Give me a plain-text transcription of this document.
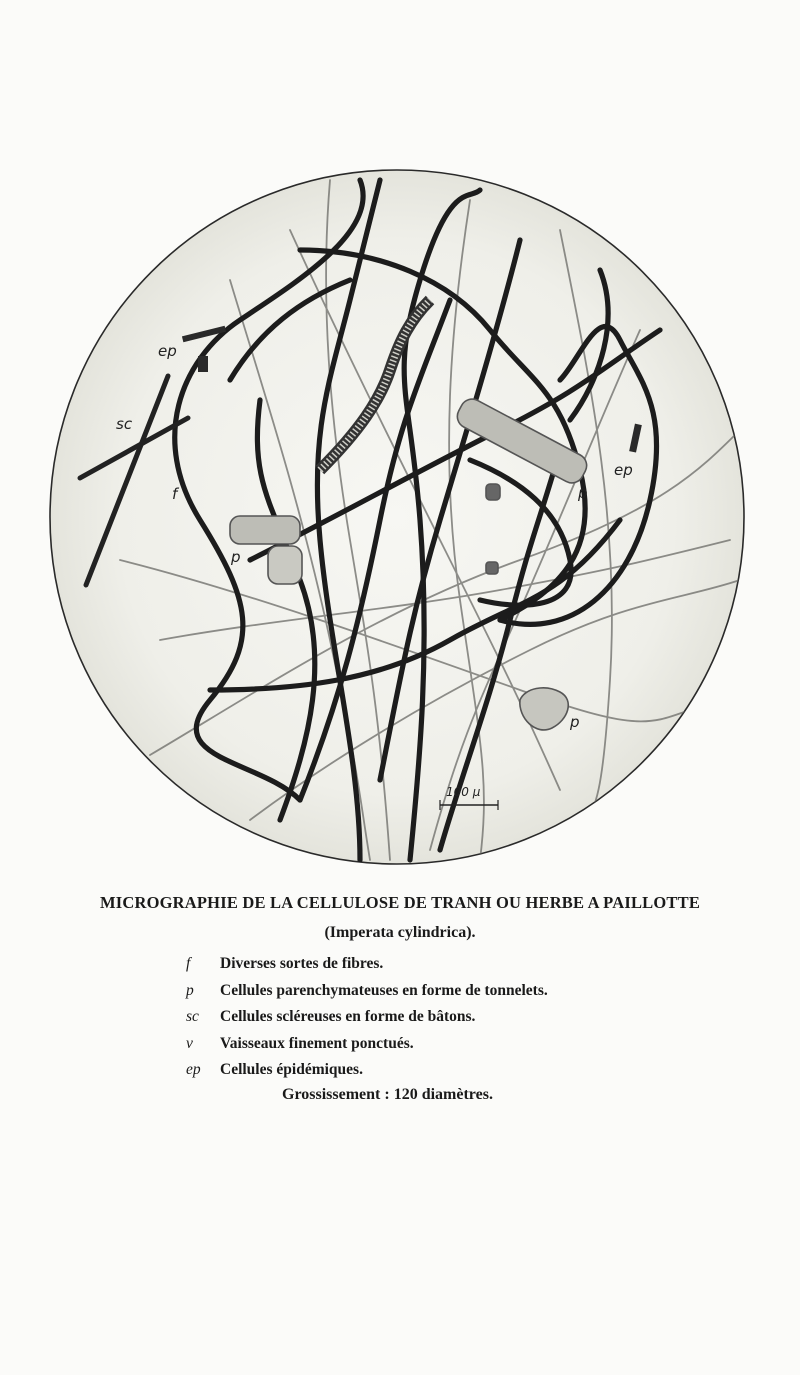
100 µ
ep
sc
f
p
p
ep
p
MICROGRAPHIE DE LA CELLULOSE DE TRANH OU HERBE A PAILLOTTE
(Imperata cylindrica).
f	Diverses sortes de fibres.
p	Cellules parenchymateuses en forme de tonnelets.
sc	Cellules scléreuses en forme de bâtons.
v	Vaisseaux finement ponctués.
ep	Cellules épidémiques.
Grossissement : 120 diamètres.
